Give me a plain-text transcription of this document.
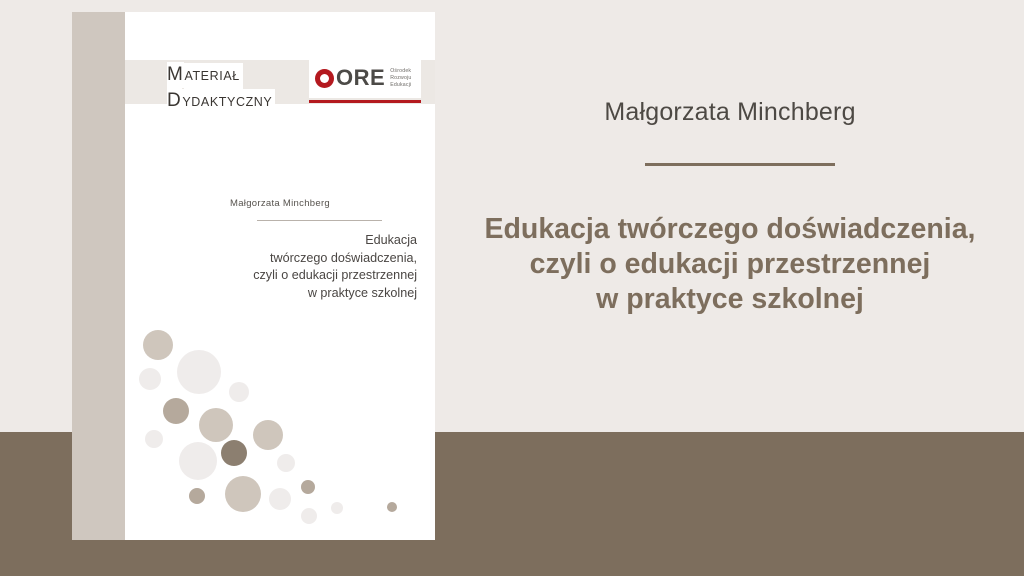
MATERIAŁ
DYDAKTYCZNY
ORE Ośrodek
Rozwoju
Edukacji
Małgorzata Minchberg
Edukacja
twórczego doświadczenia,
czyli o edukacji przestrzennej
w praktyce szkolnej
Małgorzata Minchberg
Edukacja twórczego doświadczenia,
czyli o edukacji przestrzennej
w praktyce szkolnej
